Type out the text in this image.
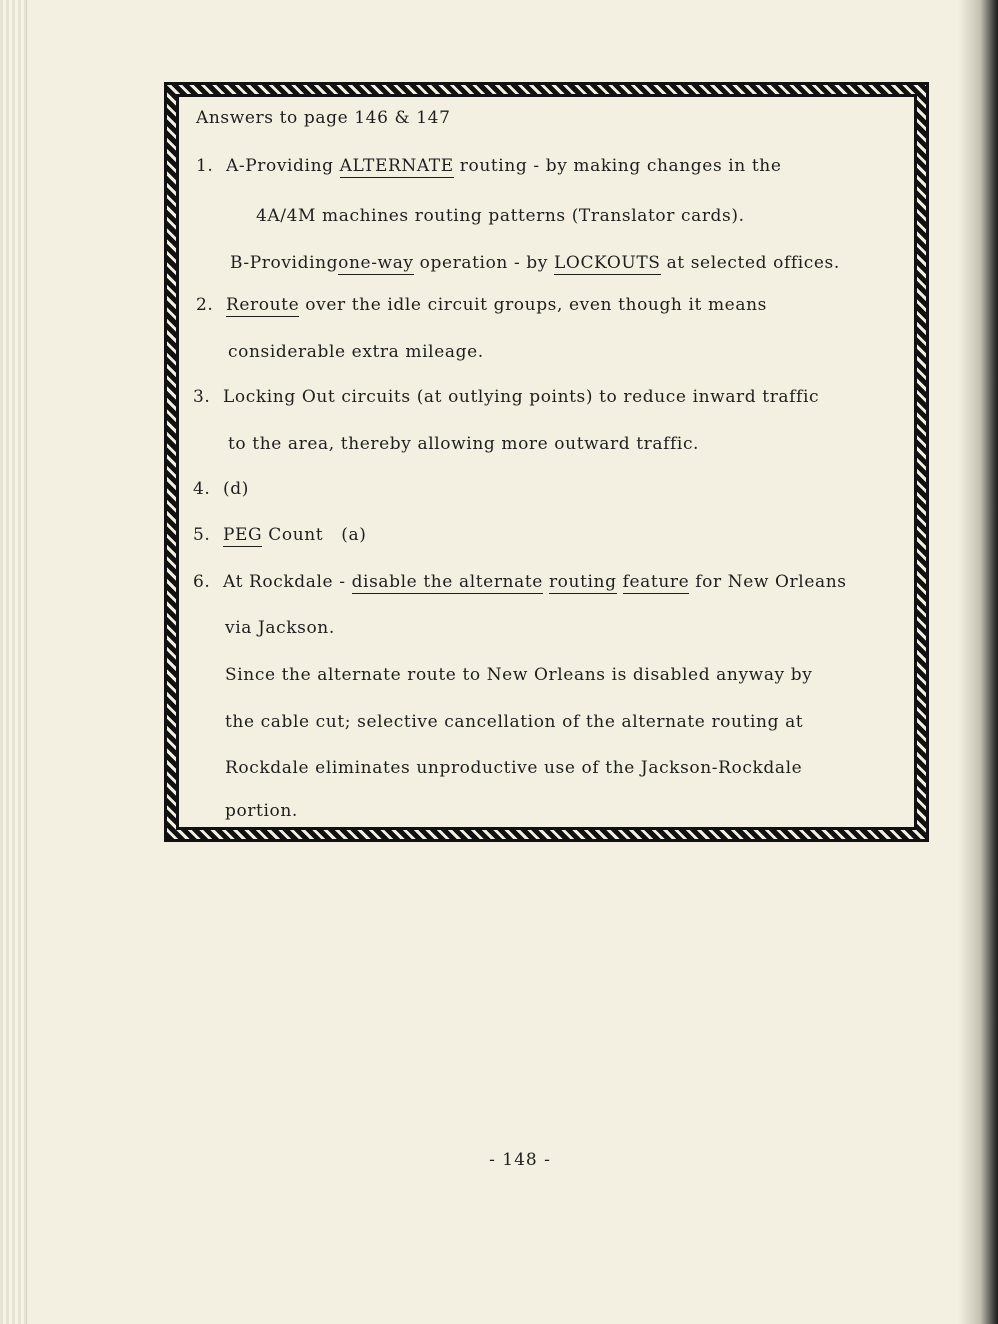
Answers to page 146 & 147
1. A-Providing ALTERNATE routing - by making changes in the
4A/4M machines routing patterns (Translator cards).
B-Providingone-way operation - by LOCKOUTS at selected offices.
2. Reroute over the idle circuit groups, even though it means
considerable extra mileage.
3. Locking Out circuits (at outlying points) to reduce inward traffic
to the area, thereby allowing more outward traffic.
4. (d)
5. PEG Count   (a)
6. At Rockdale - disable the alternate routing feature for New Orleans
via Jackson.
Since the alternate route to New Orleans is disabled anyway by
the cable cut; selective cancellation of the alternate routing at
Rockdale eliminates unproductive use of the Jackson-Rockdale
portion.
- 148 -
